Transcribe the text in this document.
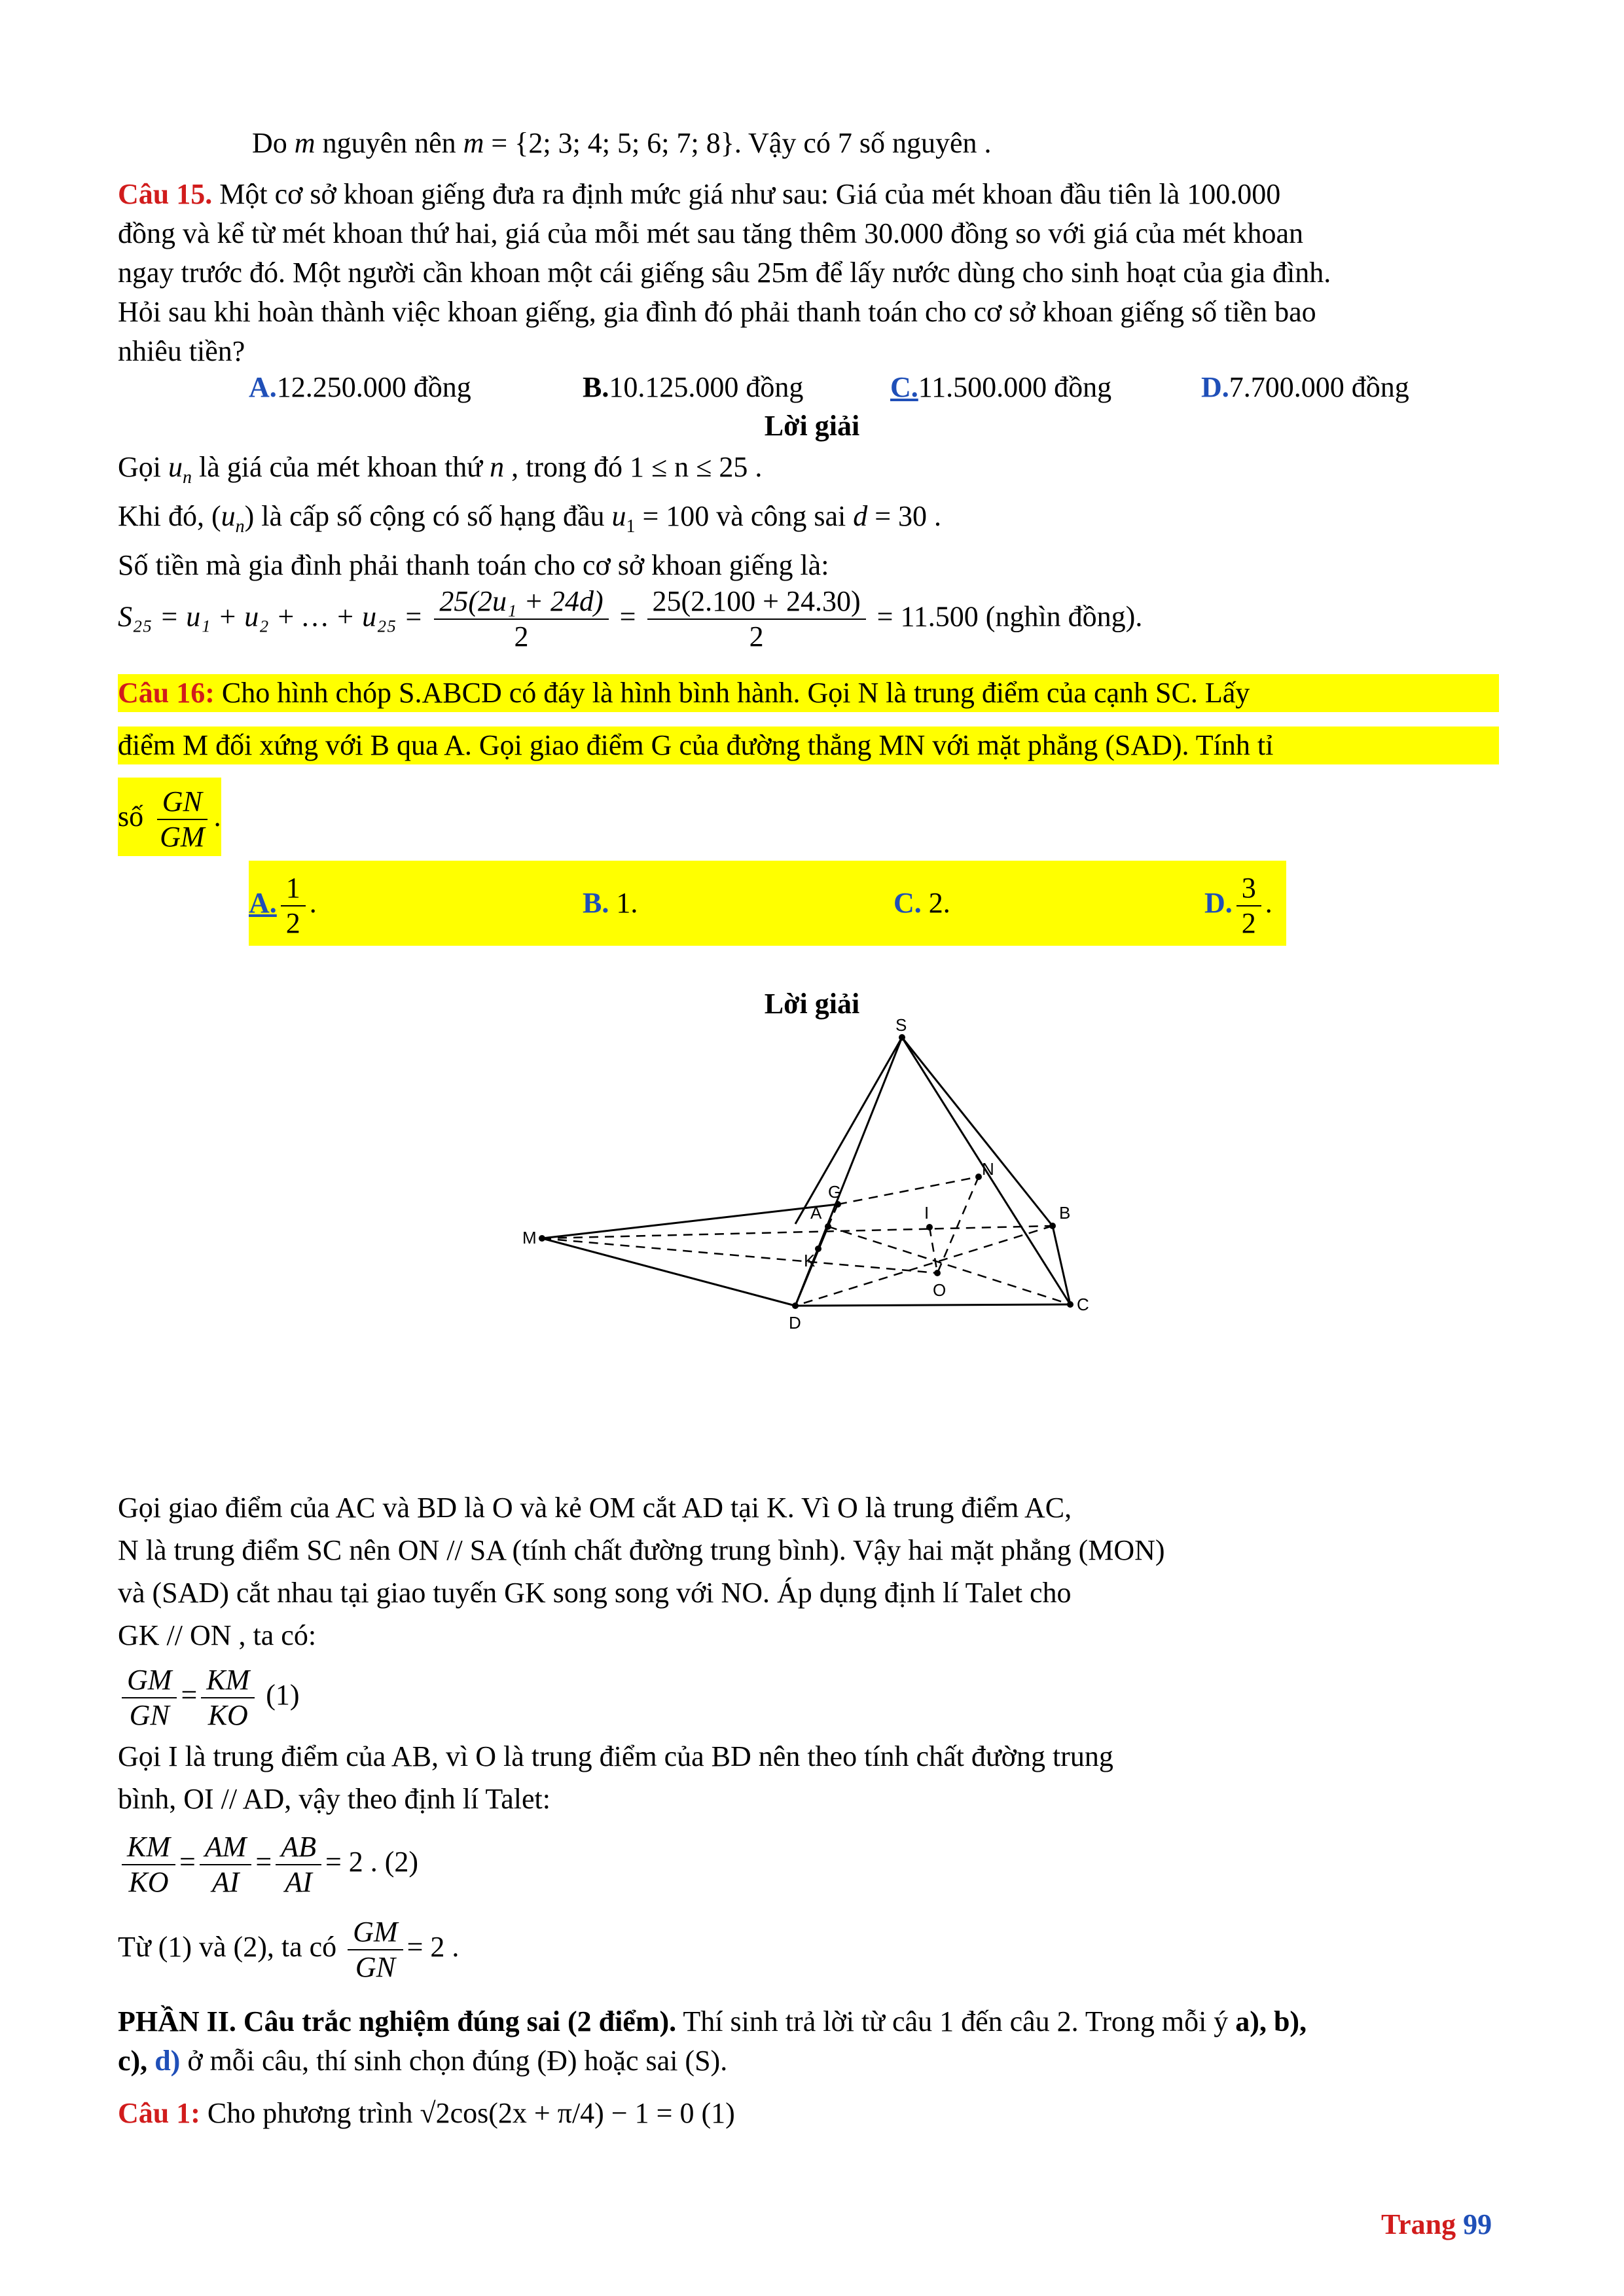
Do m nguyên nên m = {2; 3; 4; 5; 6; 7; 8}. Vậy có 7 số nguyên .
Câu 15. Một cơ sở khoan giếng đưa ra định mức giá như sau: Giá của mét khoan đầu tiên là 100.000
đồng và kể từ mét khoan thứ hai, giá của mỗi mét sau tăng thêm 30.000 đồng so với giá của mét khoan
ngay trước đó. Một người cần khoan một cái giếng sâu 25m để lấy nước dùng cho sinh hoạt của gia đình.
Hỏi sau khi hoàn thành việc khoan giếng, gia đình đó phải thanh toán cho cơ sở khoan giếng số tiền bao
nhiêu tiền?
A.12.250.000 đồng	B.10.125.000 đồng	C.11.500.000 đồng	D.7.700.000 đồng
Lời giải
Gọi $u_n$ là giá của mét khoan thứ n , trong đó 1 ≤ n ≤ 25 .
Khi đó, $(u_n)$ là cấp số cộng có số hạng đầu $u_1 = 100$ và công sai d = 30 .
Số tiền mà gia đình phải thanh toán cho cơ sở khoan giếng là:
S₂₅ = u₁ + u₂ + … + $u_{25} = \frac{\text{25(2u₁ + 24d)}}{2} = \frac{25(2.100 + 24.30)}{2} = 11.500$ (nghìn đồng).
Câu 16: Cho hình chóp S.ABCD có đáy là hình bình hành. Gọi N là trung điểm của cạnh SC. Lấy
điểm M đối xứng với B qua A. Gọi giao điểm G của đường thẳng MN với mặt phẳng (SAD). Tính tỉ
số $\frac{GN}{GM}$ .
A. $\frac{1}{2}$ .	B. 1.	C. 2.	D. $\frac{3}{2}$ .
Lời giải
S
G
N
A	I	B
M
K
O
C
D
Gọi giao điểm của AC và BD là O và kẻ OM cắt AD tại K. Vì O là trung điểm AC,
N là trung điểm SC nên ON // SA (tính chất đường trung bình). Vậy hai mặt phẳng (MON)
và (SAD) cắt nhau tại giao tuyến GK song song với NO. Áp dụng định lí Talet cho
GK // ON , ta có:
$\frac{GM}{GN} = \frac{KM}{KO} (1)$
Gọi I là trung điểm của AB, vì O là trung điểm của BD nên theo tính chất đường trung
bình, OI // AD, vậy theo định lí Talet:
$\frac{KM}{KO} = \frac{AM}{AI} = \frac{AB}{AI} = 2$ . (2)
Từ (1) và (2), ta có $\frac{GM}{GN} = 2$ .
PHẦN II. Câu trắc nghiệm đúng sai (2 điểm). Thí sinh trả lời từ câu 1 đến câu 2. Trong mỗi ý a), b),
c), d) ở mỗi câu, thí sinh chọn đúng (Đ) hoặc sai (S).
Câu 1: Cho phương trình √2cos(2x + π/4) − 1 = 0 (1)
Trang 99
